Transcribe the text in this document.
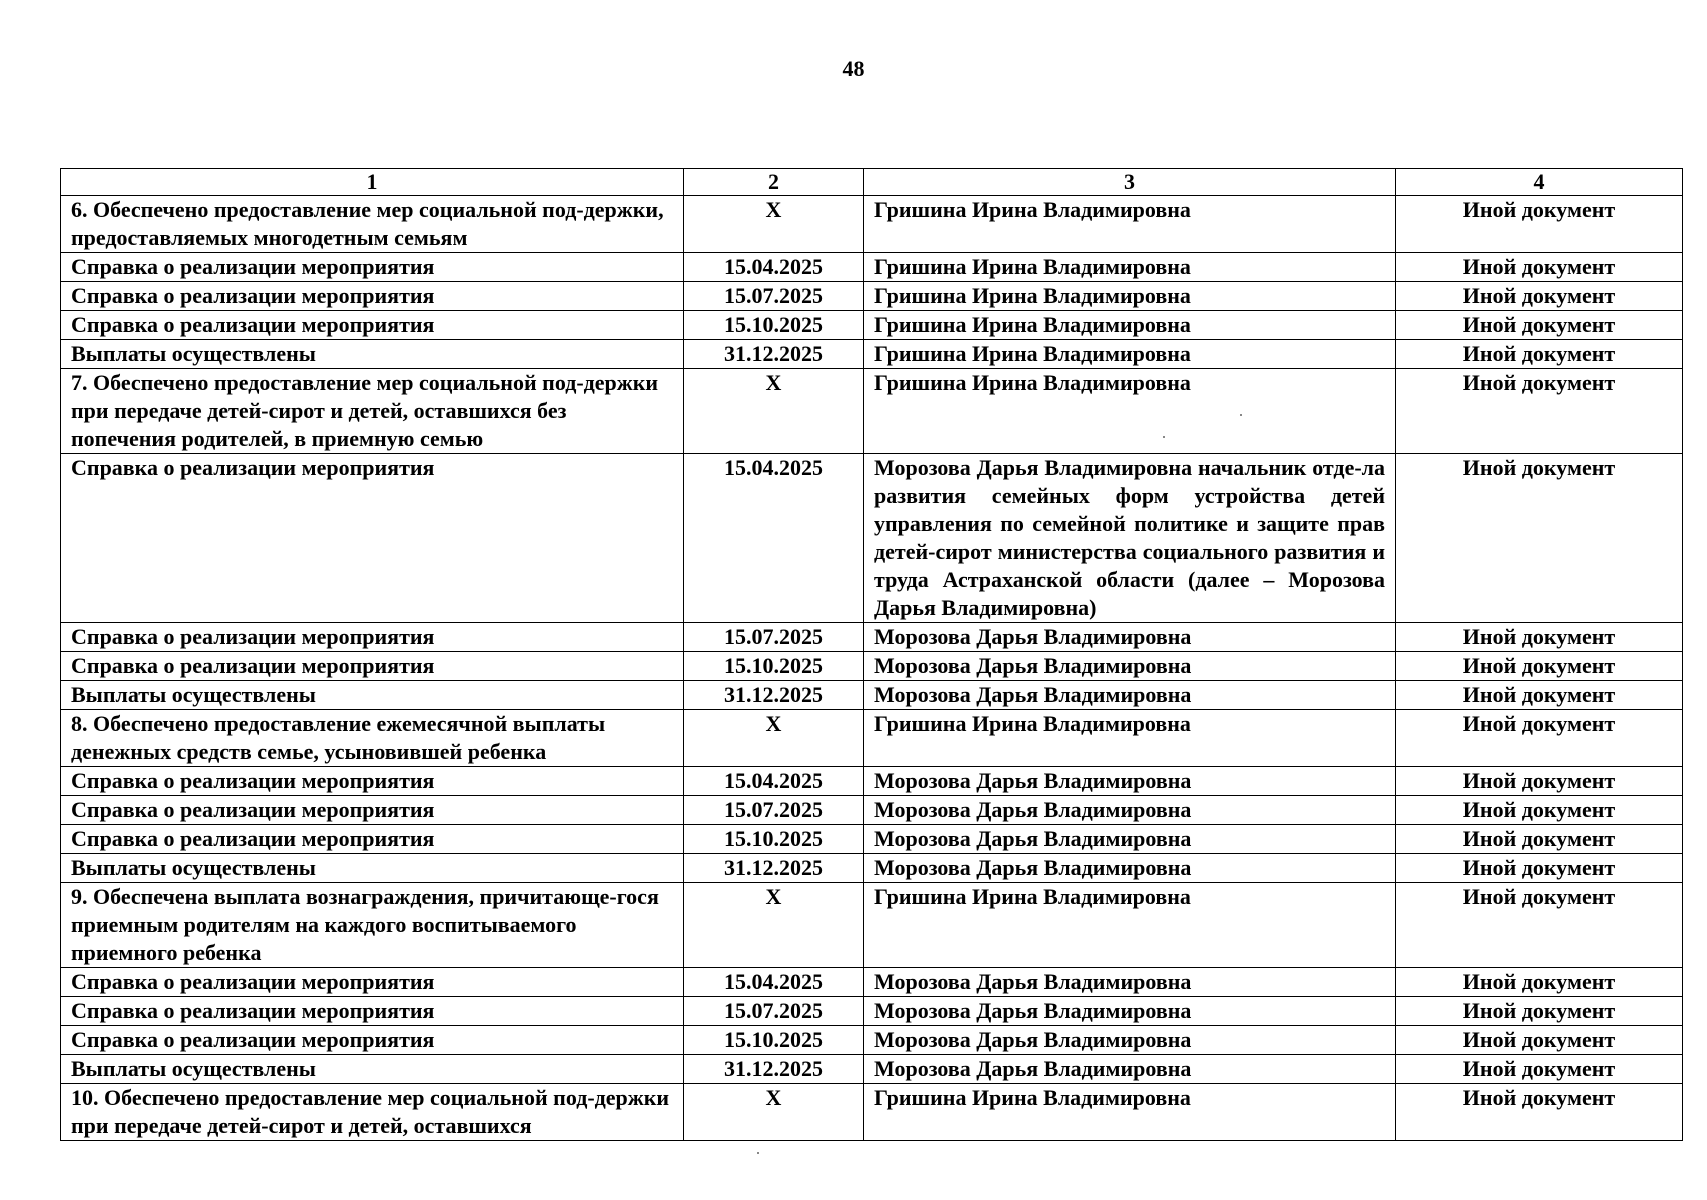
48
1	2	3	4
6. Обеспечено предоставление мер социальной под-держки, предоставляемых многодетным семьям	X	Гришина Ирина Владимировна	Иной документ
Справка о реализации мероприятия	15.04.2025	Гришина Ирина Владимировна	Иной документ
Справка о реализации мероприятия	15.07.2025	Гришина Ирина Владимировна	Иной документ
Справка о реализации мероприятия	15.10.2025	Гришина Ирина Владимировна	Иной документ
Выплаты осуществлены	31.12.2025	Гришина Ирина Владимировна	Иной документ
7. Обеспечено предоставление мер социальной под-держки при передаче детей-сирот и детей, оставшихся без попечения родителей, в приемную семью	X	Гришина Ирина Владимировна	Иной документ
Справка о реализации мероприятия	15.04.2025	Морозова Дарья Владимировна начальник отде-ла развития семейных форм устройства детей управления по семейной политике и защите прав детей-сирот министерства социального развития и труда Астраханской области (далее – Морозова Дарья Владимировна)	Иной документ
Справка о реализации мероприятия	15.07.2025	Морозова Дарья Владимировна	Иной документ
Справка о реализации мероприятия	15.10.2025	Морозова Дарья Владимировна	Иной документ
Выплаты осуществлены	31.12.2025	Морозова Дарья Владимировна	Иной документ
8. Обеспечено предоставление ежемесячной выплаты денежных средств семье, усыновившей ребенка	X	Гришина Ирина Владимировна	Иной документ
Справка о реализации мероприятия	15.04.2025	Морозова Дарья Владимировна	Иной документ
Справка о реализации мероприятия	15.07.2025	Морозова Дарья Владимировна	Иной документ
Справка о реализации мероприятия	15.10.2025	Морозова Дарья Владимировна	Иной документ
Выплаты осуществлены	31.12.2025	Морозова Дарья Владимировна	Иной документ
9. Обеспечена выплата вознаграждения, причитающе-гося приемным родителям на каждого воспитываемого приемного ребенка	X	Гришина Ирина Владимировна	Иной документ
Справка о реализации мероприятия	15.04.2025	Морозова Дарья Владимировна	Иной документ
Справка о реализации мероприятия	15.07.2025	Морозова Дарья Владимировна	Иной документ
Справка о реализации мероприятия	15.10.2025	Морозова Дарья Владимировна	Иной документ
Выплаты осуществлены	31.12.2025	Морозова Дарья Владимировна	Иной документ
10. Обеспечено предоставление мер социальной под-держки при передаче детей-сирот и детей, оставшихся	X	Гришина Ирина Владимировна	Иной документ
